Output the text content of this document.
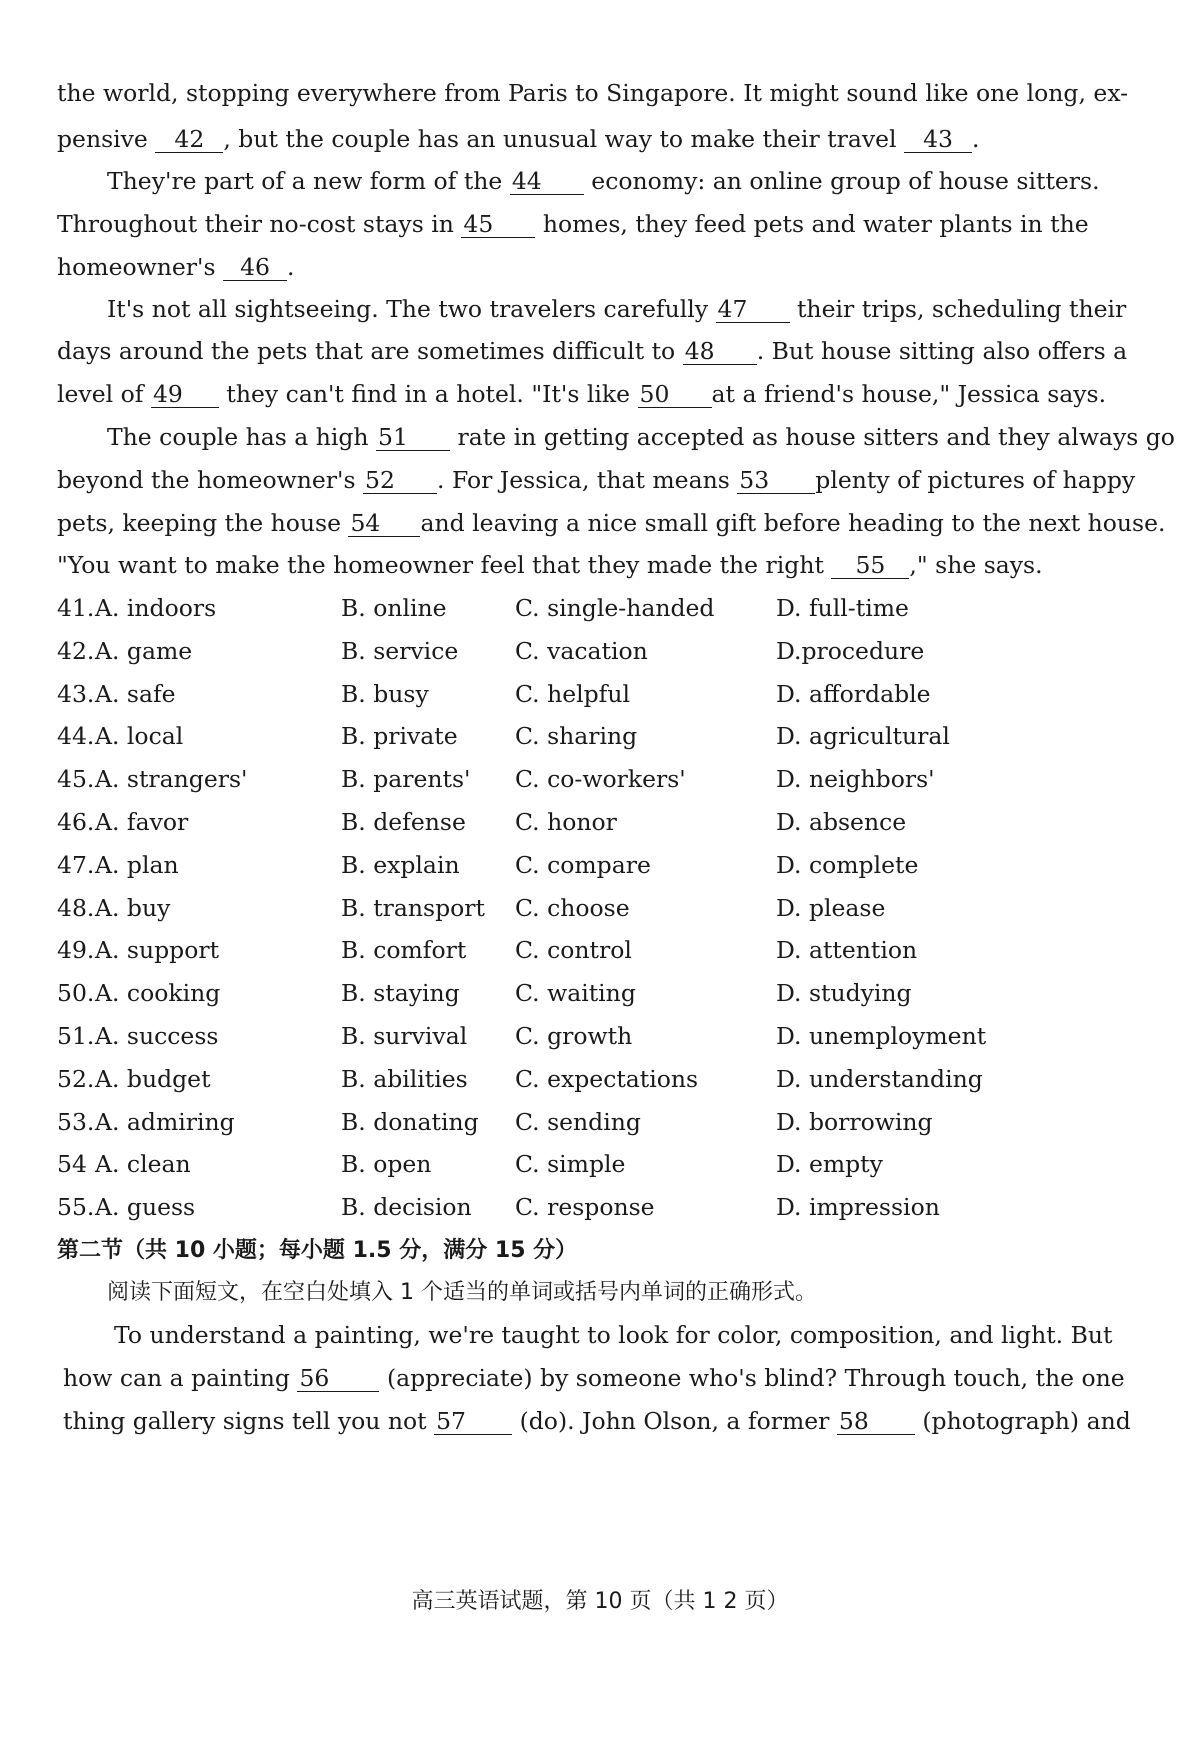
the world, stopping everywhere from Paris to Singapore. It might sound like one long, ex-
pensive 42 , but the couple has an unusual way to make their travel 43 .
They're part of a new form of the 44 economy: an online group of house sitters.
Throughout their no-cost stays in 45 homes, they feed pets and water plants in the
homeowner's 46 .
It's not all sightseeing. The two travelers carefully 47 their trips, scheduling their
days around the pets that are sometimes difficult to 48 . But house sitting also offers a
level of 49 they can't find in a hotel. "It's like 50 at a friend's house," Jessica says.
The couple has a high 51 rate in getting accepted as house sitters and they always go
beyond the homeowner's 52 . For Jessica, that means 53 plenty of pictures of happy
pets, keeping the house 54 and leaving a nice small gift before heading to the next house.
"You want to make the homeowner feel that they made the right 55 ," she says.
41. A. indoors	B. online	C. single-handed	D. full-time
42. A. game	B. service C. vacation	D.procedure
43. A. safe	B. busy	C. helpful	D. affordable
44. A. local	B. private C. sharing	D. agricultural
45. A. strangers'	B. parents' C. co-workers'	D. neighbors'
46. A. favor	B. defense C. honor	D. absence
47. A. plan	B. explain C. compare	D. complete
48. A. buy	B. transport C. choose	D. please
49. A. support	B. comfort C. control	D. attention
50. A. cooking	B. staying C. waiting	D. studying
51. A. success	B. survival C. growth	D. unemployment
52. A. budget	B. abilities C. expectations	D. understanding
53. A. admiring	B. donating C. sending	D. borrowing
54 A. clean	B. open	C. simple	D. empty
55. A. guess	B. decision C. response	D. impression
第二节（共 10 小题；每小题 1.5 分，满分 15 分）
阅读下面短文，在空白处填入 1 个适当的单词或括号内单词的正确形式。
To understand a painting, we're taught to look for color, composition, and light. But
how can a painting 56 (appreciate) by someone who's blind? Through touch, the one
thing gallery signs tell you not 57 (do). John Olson, a former 58 (photograph) and
高三英语试题，第 10 页（共 1 2 页）
